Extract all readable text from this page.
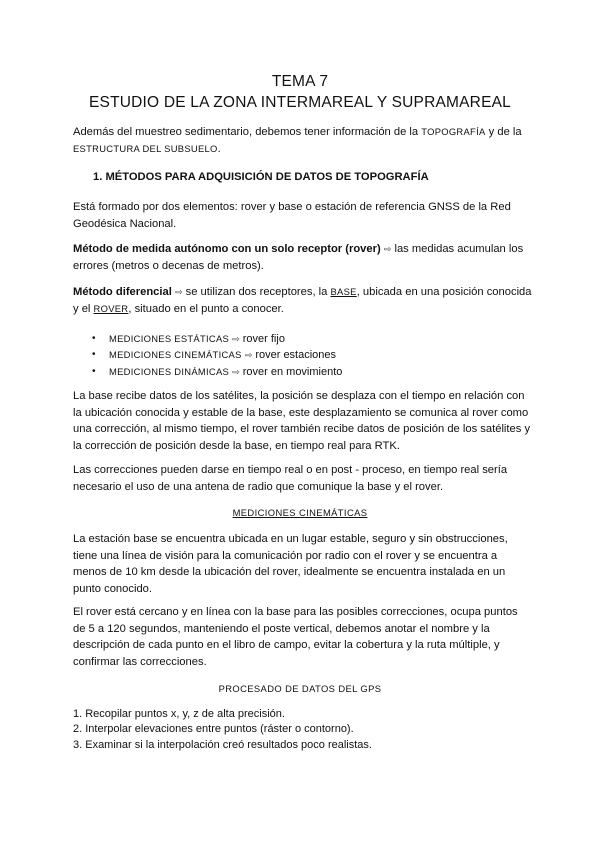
TEMA 7
ESTUDIO DE LA ZONA INTERMAREAL Y SUPRAMAREAL

Además del muestreo sedimentario, debemos tener información de la TOPOGRAFÍA y de la ESTRUCTURA DEL SUBSUELO.

1. MÉTODOS PARA ADQUISICIÓN DE DATOS DE TOPOGRAFÍA

Está formado por dos elementos: rover y base o estación de referencia GNSS de la Red Geodésica Nacional.

Método de medida autónomo con un solo receptor (rover) ⇨ las medidas acumulan los errores (metros o decenas de metros).

Método diferencial ⇨ se utilizan dos receptores, la BASE, ubicada en una posición conocida y el ROVER, situado en el punto a conocer.

• MEDICIONES ESTÁTICAS ⇨ rover fijo
• MEDICIONES CINEMÁTICAS ⇨ rover estaciones
• MEDICIONES DINÁMICAS ⇨ rover en movimiento

La base recibe datos de los satélites, la posición se desplaza con el tiempo en relación con la ubicación conocida y estable de la base, este desplazamiento se comunica al rover como una corrección, al mismo tiempo, el rover también recibe datos de posición de los satélites y la corrección de posición desde la base, en tiempo real para RTK.

Las correcciones pueden darse en tiempo real o en post - proceso, en tiempo real sería necesario el uso de una antena de radio que comunique la base y el rover.

MEDICIONES CINEMÁTICAS

La estación base se encuentra ubicada en un lugar estable, seguro y sin obstrucciones, tiene una línea de visión para la comunicación por radio con el rover y se encuentra a menos de 10 km desde la ubicación del rover, idealmente se encuentra instalada en un punto conocido.

El rover está cercano y en línea con la base para las posibles correcciones, ocupa puntos de 5 a 120 segundos, manteniendo el poste vertical, debemos anotar el nombre y la descripción de cada punto en el libro de campo, evitar la cobertura y la ruta múltiple, y confirmar las correcciones.

PROCESADO DE DATOS DEL GPS
1. Recopilar puntos x, y, z de alta precisión.
2. Interpolar elevaciones entre puntos (ráster o contorno).
3. Examinar si la interpolación creó resultados poco realistas.
